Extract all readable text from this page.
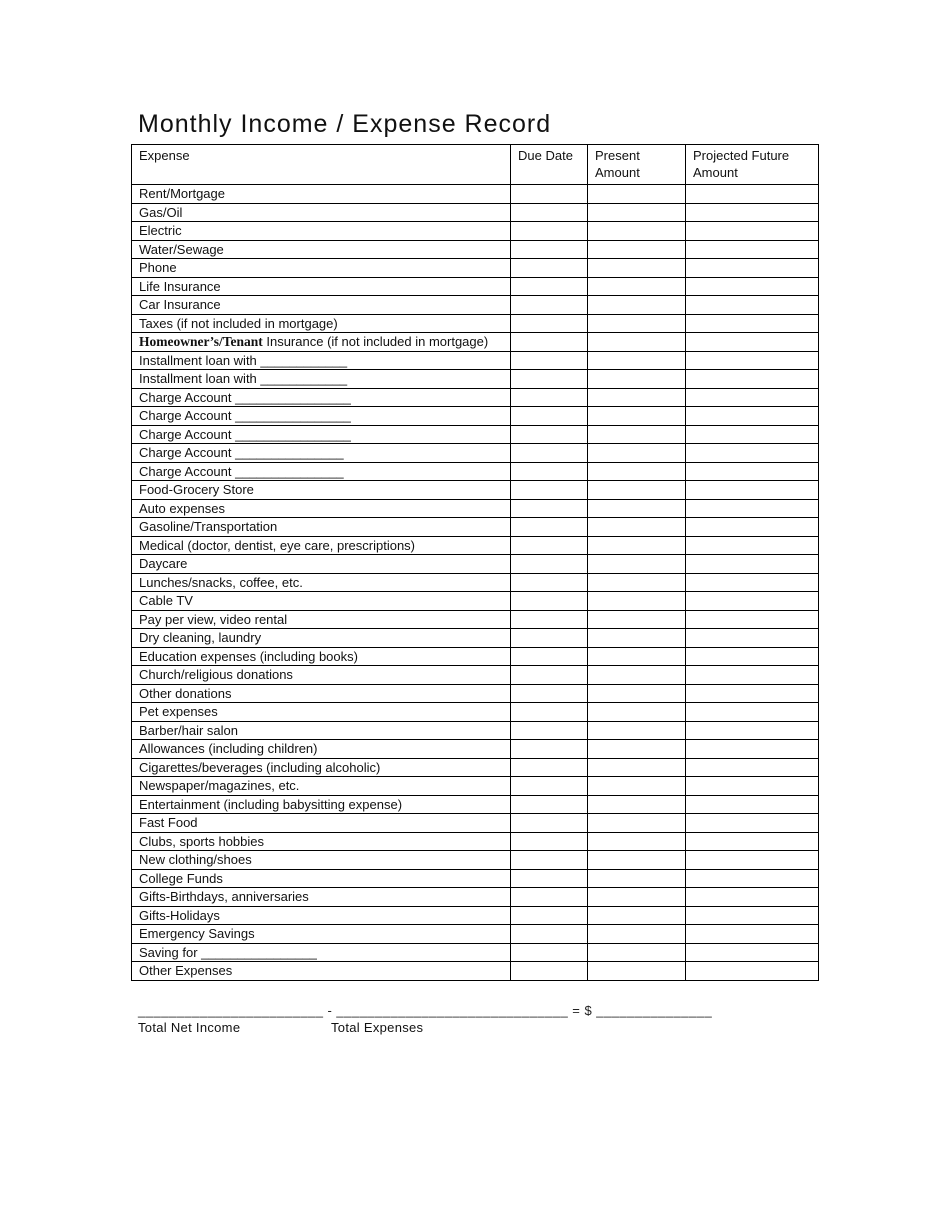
Monthly Income / Expense Record
Expense	Due Date	Present Amount	Projected Future Amount
Rent/Mortgage			
Gas/Oil			
Electric			
Water/Sewage			
Phone			
Life Insurance			
Car Insurance			
Taxes (if not included in mortgage)			
Homeowner’s/Tenant Insurance (if not included in mortgage)			
Installment loan with ____________			
Installment loan with ____________			
Charge Account ________________			
Charge Account ________________			
Charge Account ________________			
Charge Account _______________			
Charge Account _______________			
Food-Grocery Store			
Auto expenses			
Gasoline/Transportation			
Medical (doctor, dentist, eye care, prescriptions)			
Daycare			
Lunches/snacks, coffee, etc.			
Cable TV			
Pay per view, video rental			
Dry cleaning, laundry			
Education expenses (including books)			
Church/religious donations			
Other donations			
Pet expenses			
Barber/hair salon			
Allowances (including children)			
Cigarettes/beverages (including alcoholic)			
Newspaper/magazines, etc.			
Entertainment (including babysitting expense)			
Fast Food			
Clubs, sports hobbies			
New clothing/shoes			
College Funds			
Gifts-Birthdays, anniversaries			
Gifts-Holidays			
Emergency Savings			
Saving for ________________			
Other Expenses			
________________________ - ______________________________ = $ _______________
Total Net Income	Total Expenses
